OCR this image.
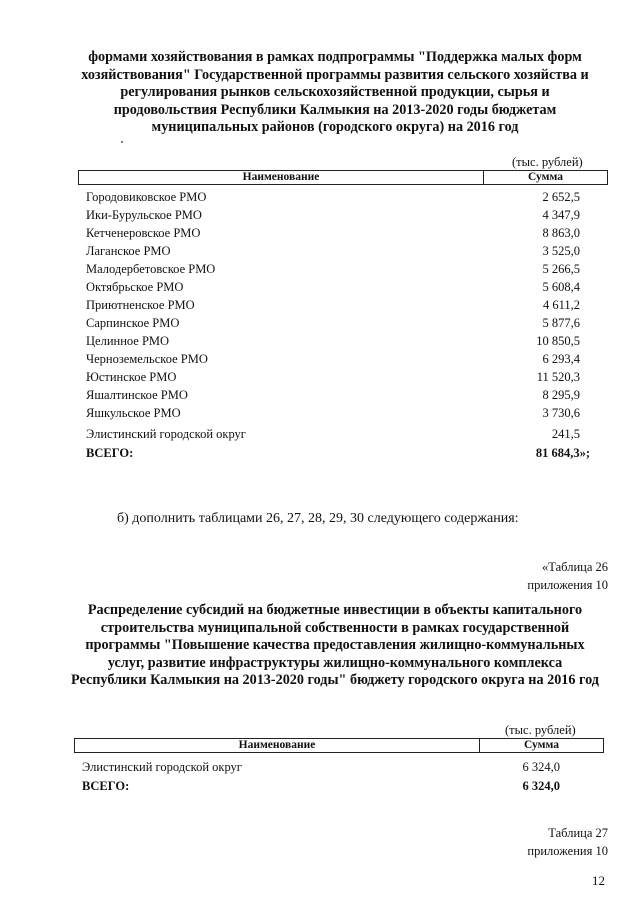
формами хозяйствования в рамках подпрограммы "Поддержка малых форм хозяйствования" Государственной программы развития сельского хозяйства и регулирования рынков сельскохозяйственной продукции, сырья и продовольствия Республики Калмыкия на 2013-2020 годы бюджетам муниципальных районов (городского округа) на 2016 год
(тыс. рублей)
Наименование	Сумма
Городовиковское РМО	2 652,5
Ики-Бурульское РМО	4 347,9
Кетченеровское РМО	8 863,0
Лаганское РМО	3 525,0
Малодербетовское РМО	5 266,5
Октябрьское РМО	5 608,4
Приютненское РМО	4 611,2
Сарпинское РМО	5 877,6
Целинное РМО	10 850,5
Черноземельское РМО	6 293,4
Юстинское РМО	11 520,3
Яшалтинское РМО	8 295,9
Яшкульское РМО	3 730,6
Элистинский городской округ	241,5
ВСЕГО:	81 684,3»;
б) дополнить таблицами 26, 27, 28, 29, 30 следующего содержания:
«Таблица 26
приложения 10
Распределение субсидий на бюджетные инвестиции в объекты капитального строительства муниципальной собственности в рамках государственной программы "Повышение качества предоставления жилищно-коммунальных услуг, развитие инфраструктуры жилищно-коммунального комплекса Республики Калмыкия на 2013-2020 годы" бюджету городского округа на 2016 год
(тыс. рублей)
Наименование	Сумма
Элистинский городской округ	6 324,0
ВСЕГО:	6 324,0
Таблица 27
приложения 10
12
